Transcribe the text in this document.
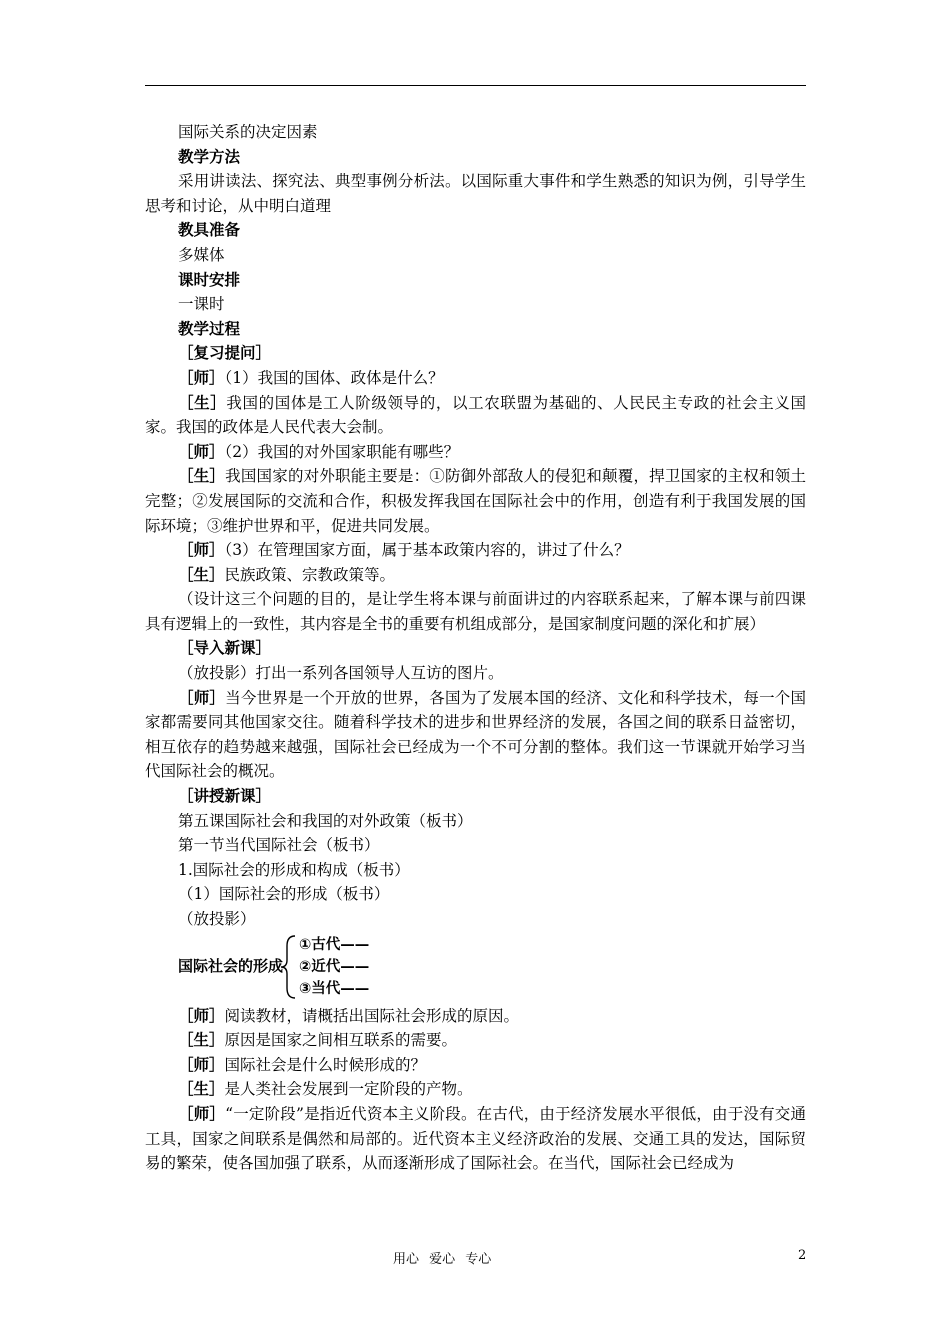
国际关系的决定因素

教学方法

采用讲读法、探究法、典型事例分析法。以国际重大事件和学生熟悉的知识为例，引导学生思考和讨论，从中明白道理

教具准备

多媒体

课时安排

一课时

教学过程

［复习提问］

［师］（1）我国的国体、政体是什么？

［生］我国的国体是工人阶级领导的，以工农联盟为基础的、人民民主专政的社会主义国家。我国的政体是人民代表大会制。

［师］（2）我国的对外国家职能有哪些？

［生］我国国家的对外职能主要是：①防御外部敌人的侵犯和颠覆，捍卫国家的主权和领土完整；②发展国际的交流和合作，积极发挥我国在国际社会中的作用，创造有利于我国发展的国际环境；③维护世界和平，促进共同发展。

［师］（3）在管理国家方面，属于基本政策内容的，讲过了什么？

［生］民族政策、宗教政策等。

（设计这三个问题的目的，是让学生将本课与前面讲过的内容联系起来，了解本课与前四课具有逻辑上的一致性，其内容是全书的重要有机组成部分，是国家制度问题的深化和扩展）

［导入新课］

（放投影）打出一系列各国领导人互访的图片。

［师］当今世界是一个开放的世界，各国为了发展本国的经济、文化和科学技术，每一个国家都需要同其他国家交往。随着科学技术的进步和世界经济的发展，各国之间的联系日益密切，相互依存的趋势越来越强，国际社会已经成为一个不可分割的整体。我们这一节课就开始学习当代国际社会的概况。

［讲授新课］

第五课国际社会和我国的对外政策（板书）

第一节当代国际社会（板书）

1.国际社会的形成和构成（板书）

（1）国际社会的形成（板书）

（放投影）

国际社会的形成
①古代——
②近代——
③当代——

［师］阅读教材，请概括出国际社会形成的原因。

［生］原因是国家之间相互联系的需要。

［师］国际社会是什么时候形成的？

［生］是人类社会发展到一定阶段的产物。

［师］“一定阶段”是指近代资本主义阶段。在古代，由于经济发展水平很低，由于没有交通工具，国家之间联系是偶然和局部的。近代资本主义经济政治的发展、交通工具的发达，国际贸易的繁荣，使各国加强了联系，从而逐渐形成了国际社会。在当代，国际社会已经成为

用心 爱心 专心	2
